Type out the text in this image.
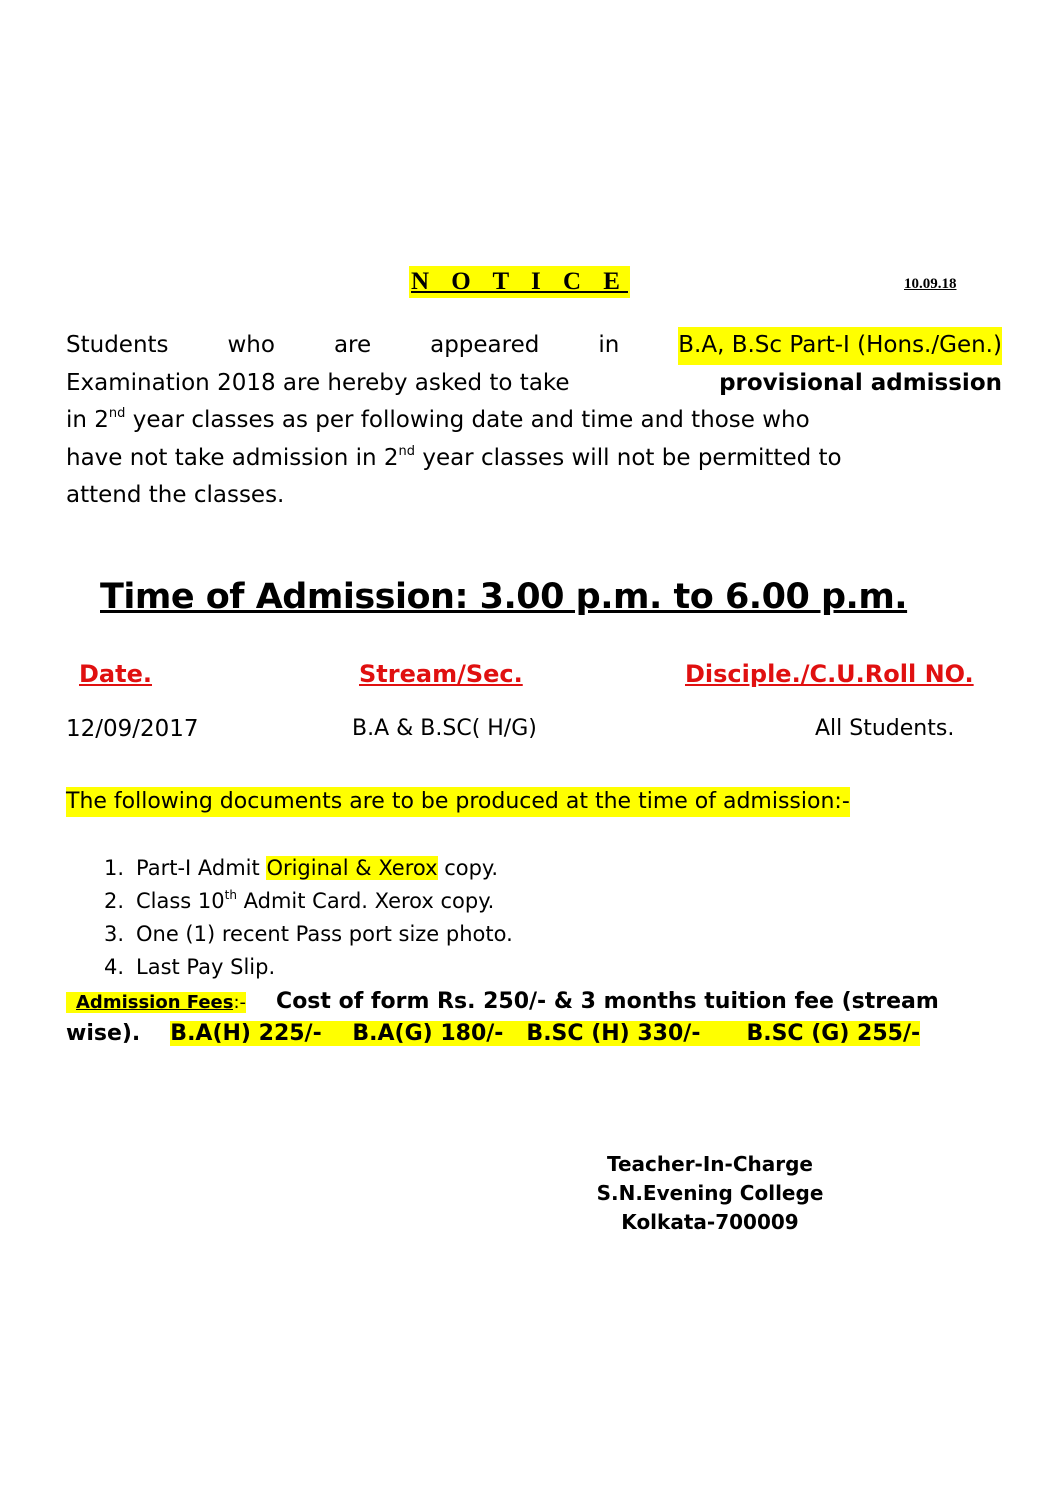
N O T I C E	10.09.18
Students	who	are	appeared	in	B.A, B.Sc Part-I (Hons./Gen.)
Examination 2018 are hereby asked to take	provisional admission
in 2nd year classes as per following date and time and those who
have not take admission in 2nd year classes will not be permitted to
attend the classes.
Time of Admission: 3.00 p.m. to 6.00 p.m.
Date.	Stream/Sec.	Disciple./C.U.Roll NO.
12/09/2017	B.A & B.SC( H/G)	All Students.
The following documents are to be produced at the time of admission:-
1. Part-I Admit Original & Xerox copy.
2. Class 10th Admit Card. Xerox copy.
3. One (1) recent Pass port size photo.
4. Last Pay Slip.
Admission Fees:- Cost of form Rs. 250/- & 3 months tuition fee (stream
wise). B.A(H) 225/- B.A(G) 180/- B.SC (H) 330/- B.SC (G) 255/-
Teacher-In-Charge
S.N.Evening College
Kolkata-700009
